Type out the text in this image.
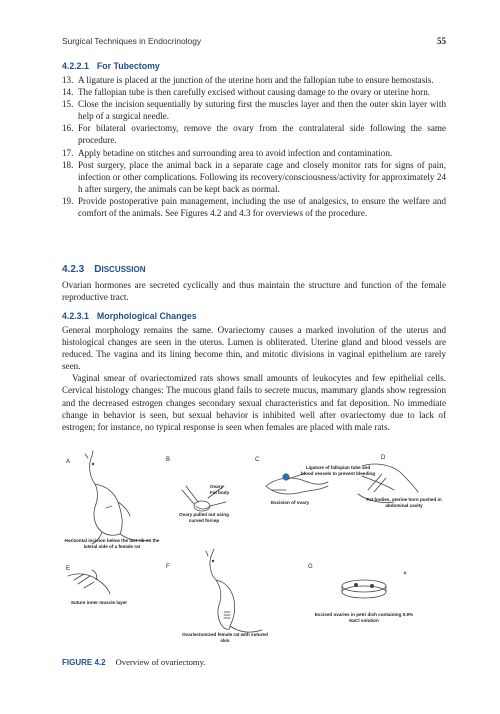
Surgical Techniques in Endocrinology	55
4.2.2.1 For Tubectomy
13. A ligature is placed at the junction of the uterine horn and the fallopian tube to ensure hemostasis.
14. The fallopian tube is then carefully excised without causing damage to the ovary or uterine horn.
15. Close the incision sequentially by suturing first the muscles layer and then the outer skin layer with help of a surgical needle.
16. For bilateral ovariectomy, remove the ovary from the contralateral side following the same procedure.
17. Apply betadine on stitches and surrounding area to avoid infection and contamination.
18. Post surgery, place the animal back in a separate cage and closely monitor rats for signs of pain, infection or other complications. Following its recovery/consciousness/activity for approximately 24 h after surgery, the animals can be kept back as normal.
19. Provide postoperative pain management, including the use of analgesics, to ensure the welfare and comfort of the animals. See Figures 4.2 and 4.3 for overviews of the procedure.
4.2.3 DISCUSSION

Ovarian hormones are secreted cyclically and thus maintain the structure and function of the female reproductive tract.

4.2.3.1 Morphological Changes

General morphology remains the same. Ovariectomy causes a marked involution of the uterus and histological changes are seen in the uterus. Lumen is obliterated. Uterine gland and blood vessels are reduced. The vagina and its lining become thin, and mitotic divisions in vaginal epithelium are rarely seen.

Vaginal smear of ovariectomized rats shows small amounts of leukocytes and few epithelial cells. Cervical histology changes: The mucous gland fails to secrete mucus, mammary glands show regression and the decreased estrogen changes secondary sexual characteristics and fat deposition. No immediate change in behavior is seen, but sexual behavior is inhibited well after ovariectomy due to lack of estrogen; for instance, no typical response is seen when females are placed with male rats.

A	B	C	D
E	F	G
Horizontal incision below the last rib on the lateral side of a female rat
Ovary
Fat body
Ovary pulled out using curved forcep
Excision of ovary
Ligature of fallopian tube and blood vessels to prevent bleeding
Fat bodies, uterine horn pushed in abdominal cavity
Suture inner muscle layer
Ovariectomized female rat with sutured skin
Excised ovaries in petri dish containing 0.9% NaCl solution
FIGURE 4.2 Overview of ovariectomy.
